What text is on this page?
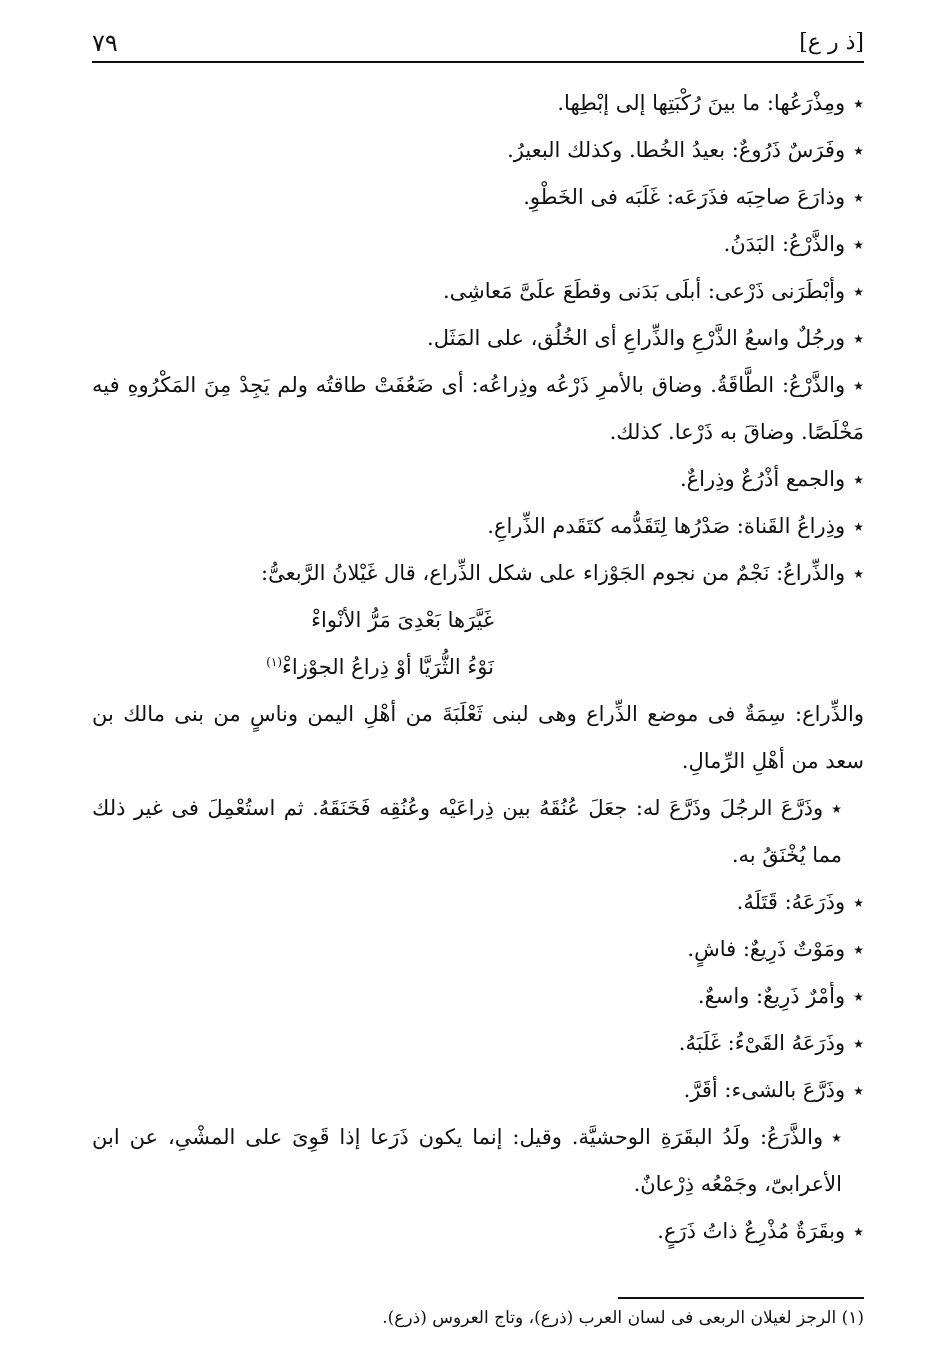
[ذ ر ع]
٧٩

٭ومِذْرَعُها: ما بينَ رُكْبَتِها إلى إبْطِها.

٭وفَرَسٌ ذَرُوعٌ: بعيدُ الخُطا. وكذلك البعيرُ.

٭وذارَعَ صاحِبَه فذَرَعَه: غَلَبَه فى الخَطْوِ.

٭والذَّرْعُ: البَدَنُ.

٭وأبْطَرَنى ذَرْعى: أبلَى بَدَنى وقطَعَ علَىَّ مَعاشِى.

٭ورجُلٌ واسعُ الذَّرْعِ والذِّراعِ أى الخُلُق، على المَثَل.

٭والذَّرْعُ: الطَّاقَةُ. وضاق بالأمرِ ذَرْعُه وذِراعُه: أى ضَعُفَتْ طاقتُه ولم يَجِدْ مِنَ المَكْرُوهِ فيه مَخْلَصًا. وضاقَ به ذَرْعا. كذلك.

٭والجمع أذْرُعٌ وذِراعٌ.

٭وذِراعُ القَناة: صَدْرُها لِتَقَدُّمه كتَقَدم الذِّراعِ.

٭والذِّراعُ: نَجْمٌ من نجوم الجَوْزاء على شكل الذِّراع، قال غَيْلانُ الرَّبعىُّ:

غَيَّرَها بَعْدِىَ مَرُّ الأنْواءْ

نَوْءُ الثُّرَيَّا أوْ ذِراعُ الجوْزاءْ$^{(١)}$

والذِّراع: سِمَةٌ فى موضع الذِّراع وهى لبنى ثَعْلَبَةَ من أهْلِ اليمن وناسٍ من بنى مالك بن سعد من أهْلِ الرِّمالِ.

٭وذَرَّعَ الرجُلَ وذَرَّعَ له: جعَلَ عُنُقَهُ بين ذِراعَيْه وعُنُقِه فَخَنَقَهُ. ثم استُعْمِلَ فى غير ذلك مما يُخْنَقُ به.

٭وذَرَعَهُ: قَتَلَهُ.

٭ومَوْتٌ ذَرِيعٌ: فاشٍ.

٭وأمْرٌ ذَرِيعٌ: واسعٌ.

٭وذَرَعَهُ القَىْءُ: غَلَبَهُ.

٭وذَرَّعَ بالشىء: أقَرَّ.

٭والذَّرَعُ: ولَدُ البقَرَةِ الوحشيَّة. وقيل: إنما يكون ذَرَعا إذا قَوِىَ على المشْىِ، عن ابن الأعرابىّ، وجَمْعُه ذِرْعانٌ.

٭وبقَرَةٌ مُذْرِعٌ ذاتُ ذَرَعٍ.

(١) الرجز لغيلان الربعى فى لسان العرب (ذرع)، وتاج العروس (ذرع).
